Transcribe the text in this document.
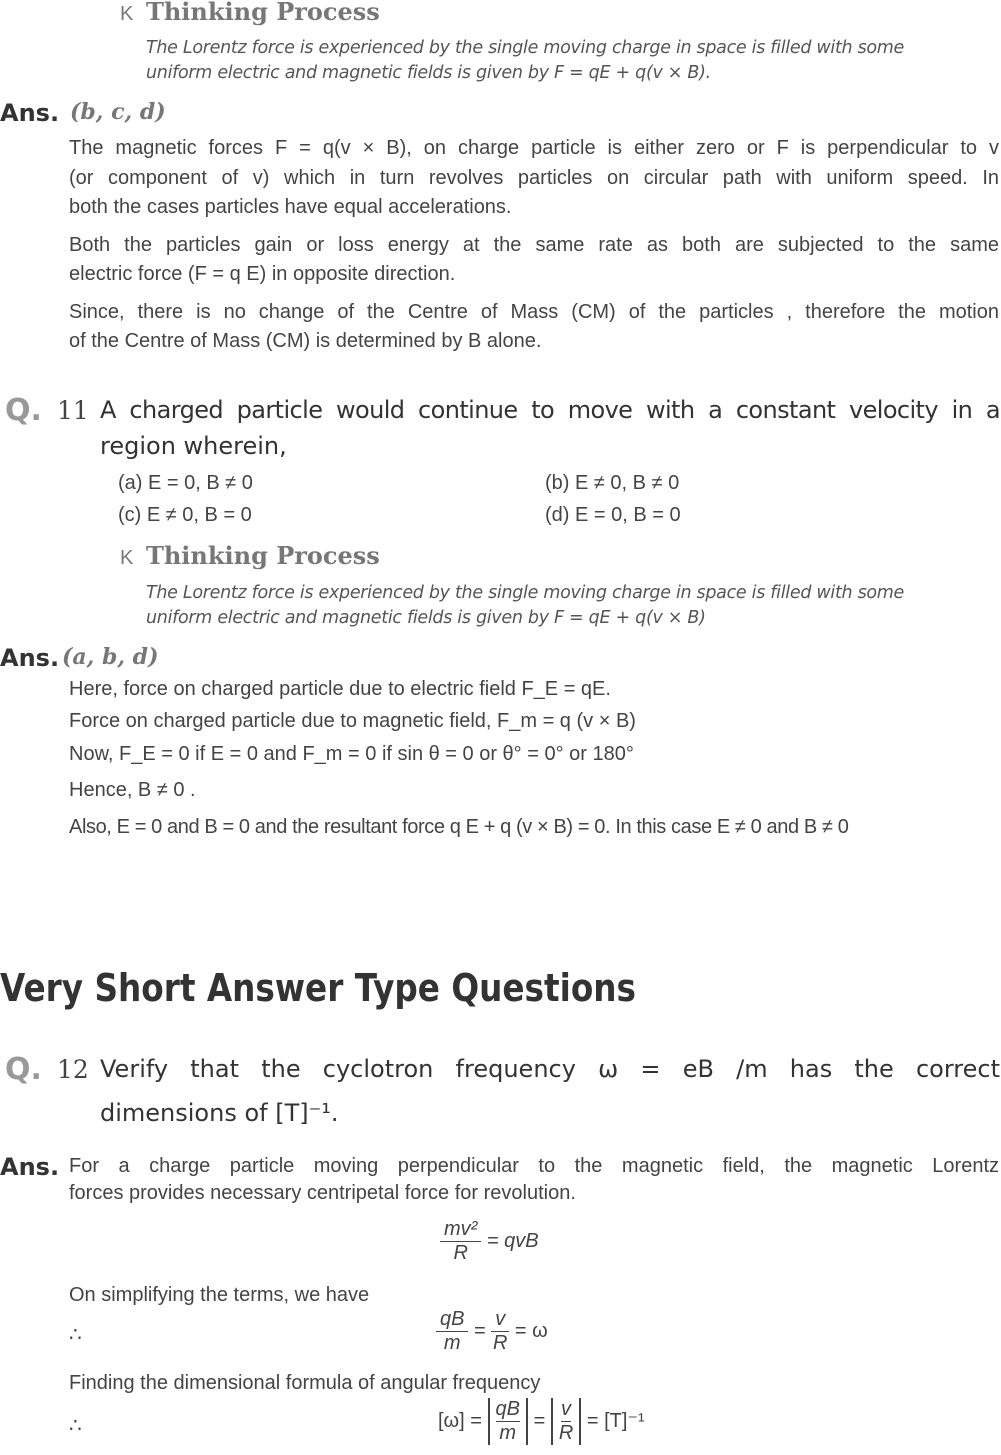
K Thinking Process
The Lorentz force is experienced by the single moving charge in space is filled with some
uniform electric and magnetic fields is given by F = qE + q(v × B).
Ans. (b, c, d)
The magnetic forces F = q(v × B), on charge particle is either zero or F is perpendicular to v
(or component of v) which in turn revolves particles on circular path with uniform speed. In
both the cases particles have equal accelerations.
Both the particles gain or loss energy at the same rate as both are subjected to the same
electric force (F = q E) in opposite direction.
Since, there is no change of the Centre of Mass (CM) of the particles , therefore the motion
of the Centre of Mass (CM) is determined by B alone.
Q. 11 A charged particle would continue to move with a constant velocity in a
region wherein,
(a) E = 0, B ≠ 0	(b) E ≠ 0, B ≠ 0
(c) E ≠ 0, B = 0	(d) E = 0, B = 0
K Thinking Process
The Lorentz force is experienced by the single moving charge in space is filled with some
uniform electric and magnetic fields is given by F = qE + q(v × B)
Ans. (a, b, d)
Here, force on charged particle due to electric field F_E = qE.
Force on charged particle due to magnetic field, F_m = q (v × B)
Now, F_E = 0 if E = 0 and F_m = 0 if sin θ = 0 or θ° = 0° or 180°
Hence, B ≠ 0 .
Also, E = 0 and B = 0 and the resultant force q E + q (v × B) = 0. In this case E ≠ 0 and B ≠ 0
Very Short Answer Type Questions
Q. 12 Verify that the cyclotron frequency ω = eB /m has the correct
dimensions of [T]⁻¹.
Ans. For a charge particle moving perpendicular to the magnetic field, the magnetic Lorentz
forces provides necessary centripetal force for revolution.
$\frac{\text{mv²}}{R}$ = qvB
On simplifying the terms, we have
∴	$\frac{qB}{m} = \frac{v}{R} = \omega$
Finding the dimensional formula of angular frequency
∴	$[\omega] = \frac{qB}{m} = \frac{v}{R} = [T]^{-1}$
